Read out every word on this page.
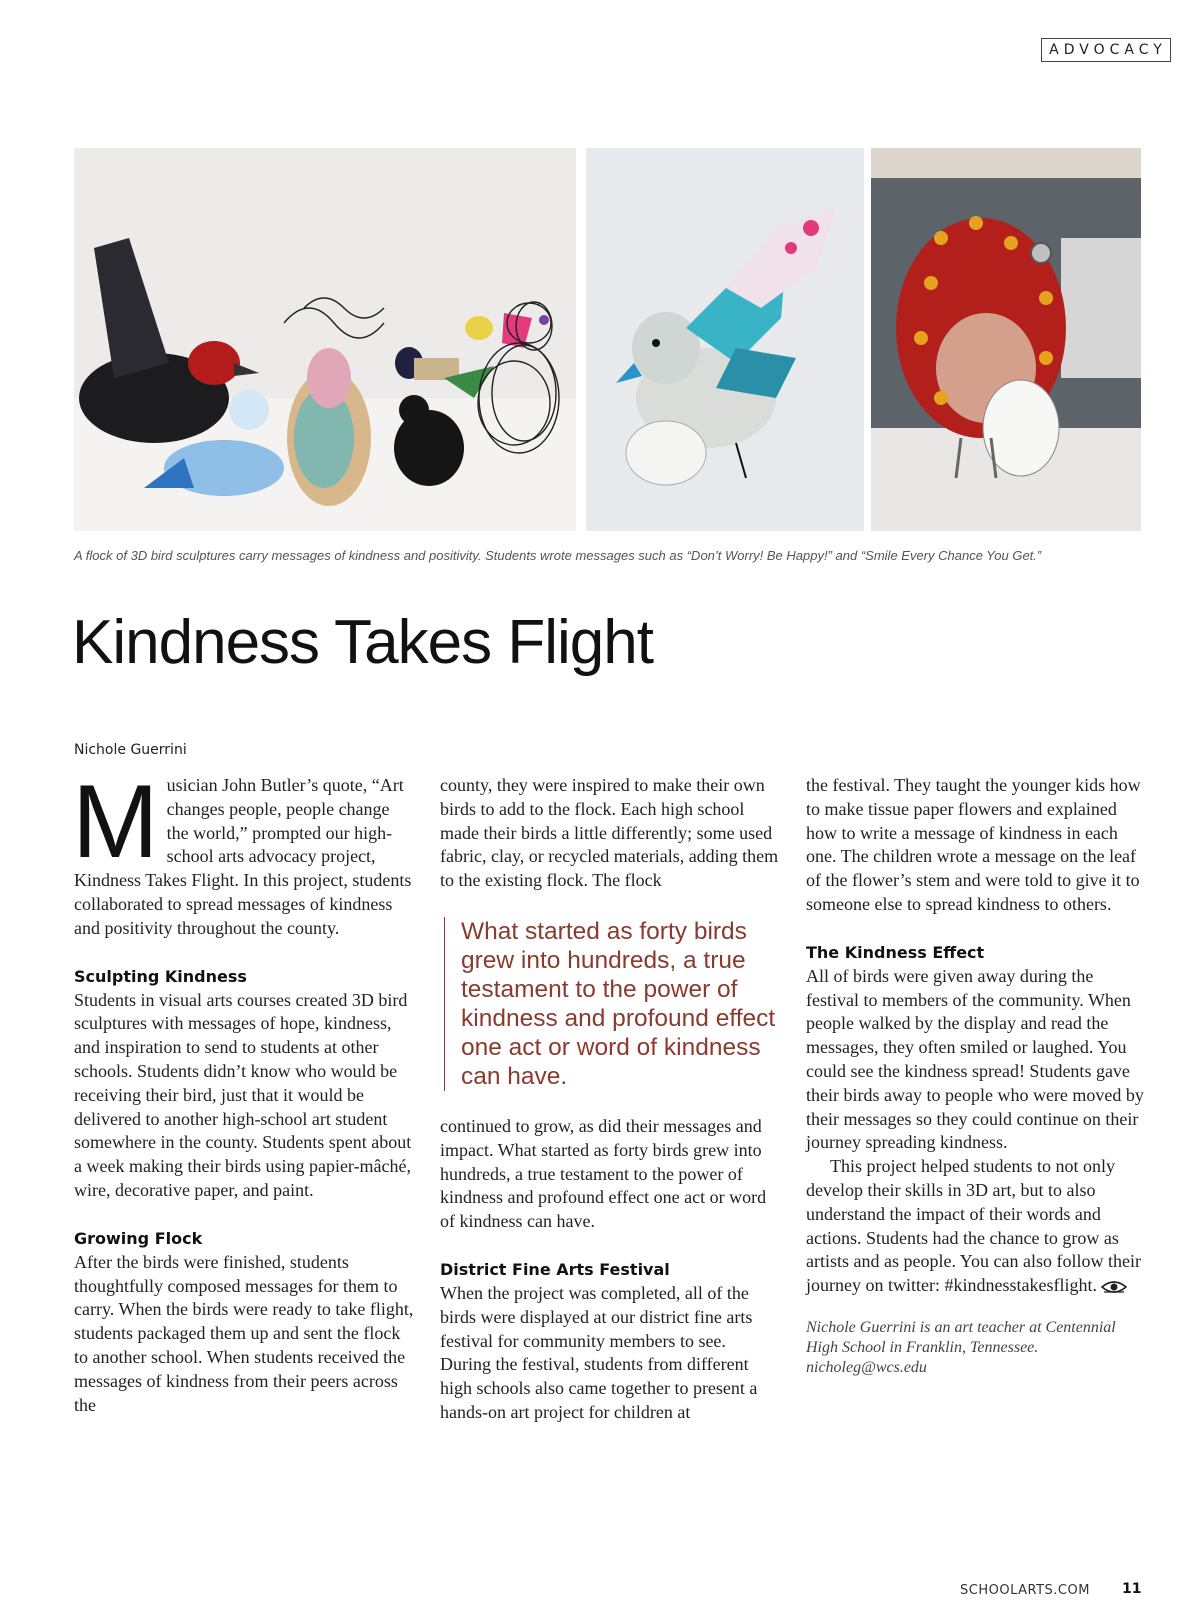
ADVOCACY
A flock of 3D bird sculptures carry messages of kindness and positivity. Students wrote messages such as “Don’t Worry! Be Happy!” and “Smile Every Chance You Get.”
Kindness Takes Flight
Nichole Guerrini

Musician John Butler’s quote, “Art changes people, people change the world,” prompted our high-school arts advocacy project, Kindness Takes Flight. In this project, students collaborated to spread messages of kindness and positivity throughout the county.

Sculpting Kindness

Students in visual arts courses created 3D bird sculptures with messages of hope, kindness, and inspiration to send to students at other schools. Students didn’t know who would be receiving their bird, just that it would be delivered to another high-school art student somewhere in the county. Students spent about a week making their birds using papier-mâché, wire, decorative paper, and paint.

Growing Flock

After the birds were finished, students thoughtfully composed messages for them to carry. When the birds were ready to take flight, students packaged them up and sent the flock to another school. When students received the messages of kindness from their peers across the

county, they were inspired to make their own birds to add to the flock. Each high school made their birds a little differently; some used fabric, clay, or recycled materials, adding them to the existing flock. The flock

What started as forty birds grew into hundreds, a true testament to the power of kindness and profound effect one act or word of kindness can have.

continued to grow, as did their messages and impact. What started as forty birds grew into hundreds, a true testament to the power of kindness and profound effect one act or word of kindness can have.

District Fine Arts Festival

When the project was completed, all of the birds were displayed at our district fine arts festival for community members to see. During the festival, students from different high schools also came together to present a hands-on art project for children at

the festival. They taught the younger kids how to make tissue paper flowers and explained how to write a message of kindness in each one. The children wrote a message on the leaf of the flower’s stem and were told to give it to someone else to spread kindness to others.

The Kindness Effect

All of birds were given away during the festival to members of the community. When people walked by the display and read the messages, they often smiled or laughed. You could see the kindness spread! Students gave their birds away to people who were moved by their messages so they could continue on their journey spreading kindness.

This project helped students to not only develop their skills in 3D art, but to also understand the impact of their words and actions. Students had the chance to grow as artists and as people. You can also follow their journey on twitter: #kindnesstakesflight.

Nichole Guerrini is an art teacher at Centennial High School in Franklin, Tennessee. nicholeg@wcs.edu

SCHOOLARTS.COM 11
